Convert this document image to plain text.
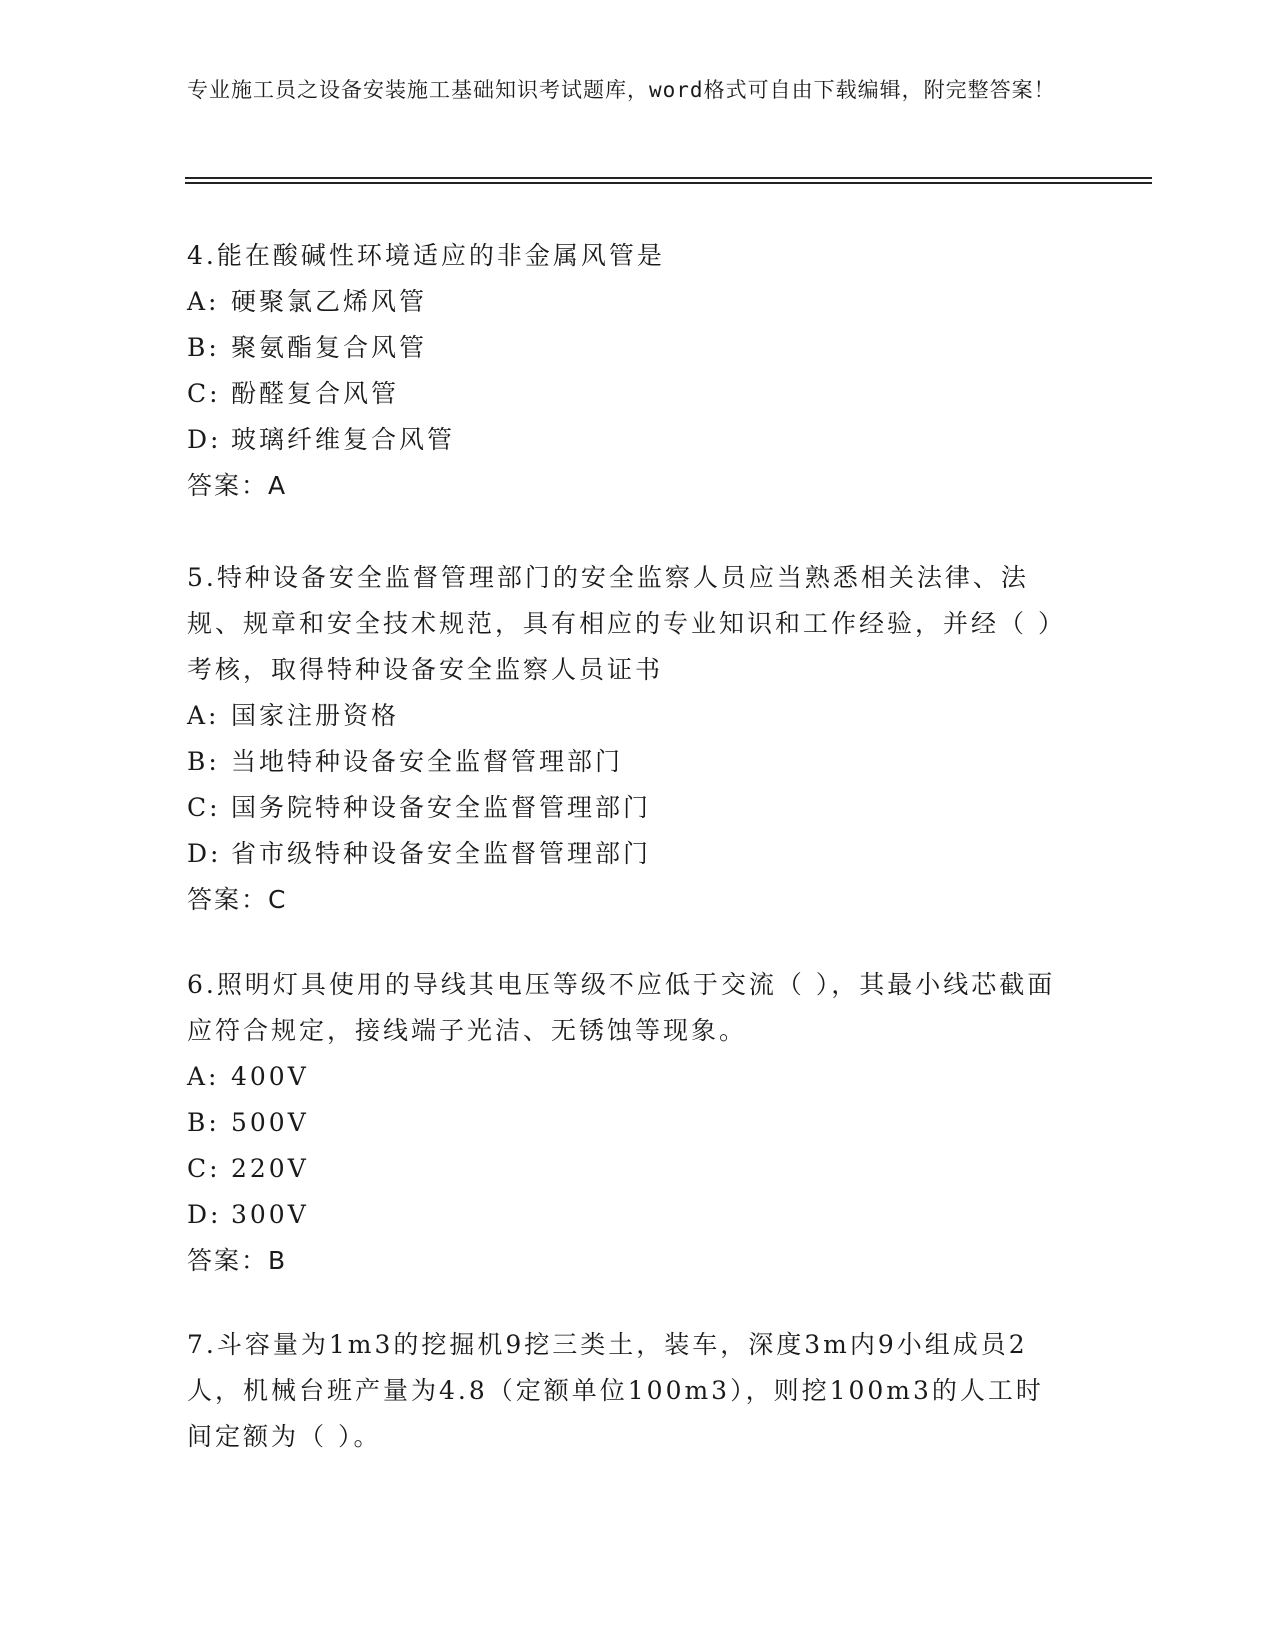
专业施工员之设备安装施工基础知识考试题库，word格式可自由下载编辑，附完整答案！

4.能在酸碱性环境适应的非金属风管是

A: 硬聚氯乙烯风管

B: 聚氨酯复合风管

C: 酚醛复合风管

D: 玻璃纤维复合风管

答案：A

5.特种设备安全监督管理部门的安全监察人员应当熟悉相关法律、法规、规章和安全技术规范，具有相应的专业知识和工作经验，并经（ ）考核，取得特种设备安全监察人员证书

A: 国家注册资格

B: 当地特种设备安全监督管理部门

C: 国务院特种设备安全监督管理部门

D: 省市级特种设备安全监督管理部门

答案：C

6.照明灯具使用的导线其电压等级不应低于交流（ ），其最小线芯截面应符合规定，接线端子光洁、无锈蚀等现象。

A: 400V

B: 500V

C: 220V

D: 300V

答案：B

7.斗容量为1m3的挖掘机9挖三类土，装车，深度3m内9小组成员2人，机械台班产量为4.8（定额单位100m3），则挖100m3的人工时间定额为（ ）。
